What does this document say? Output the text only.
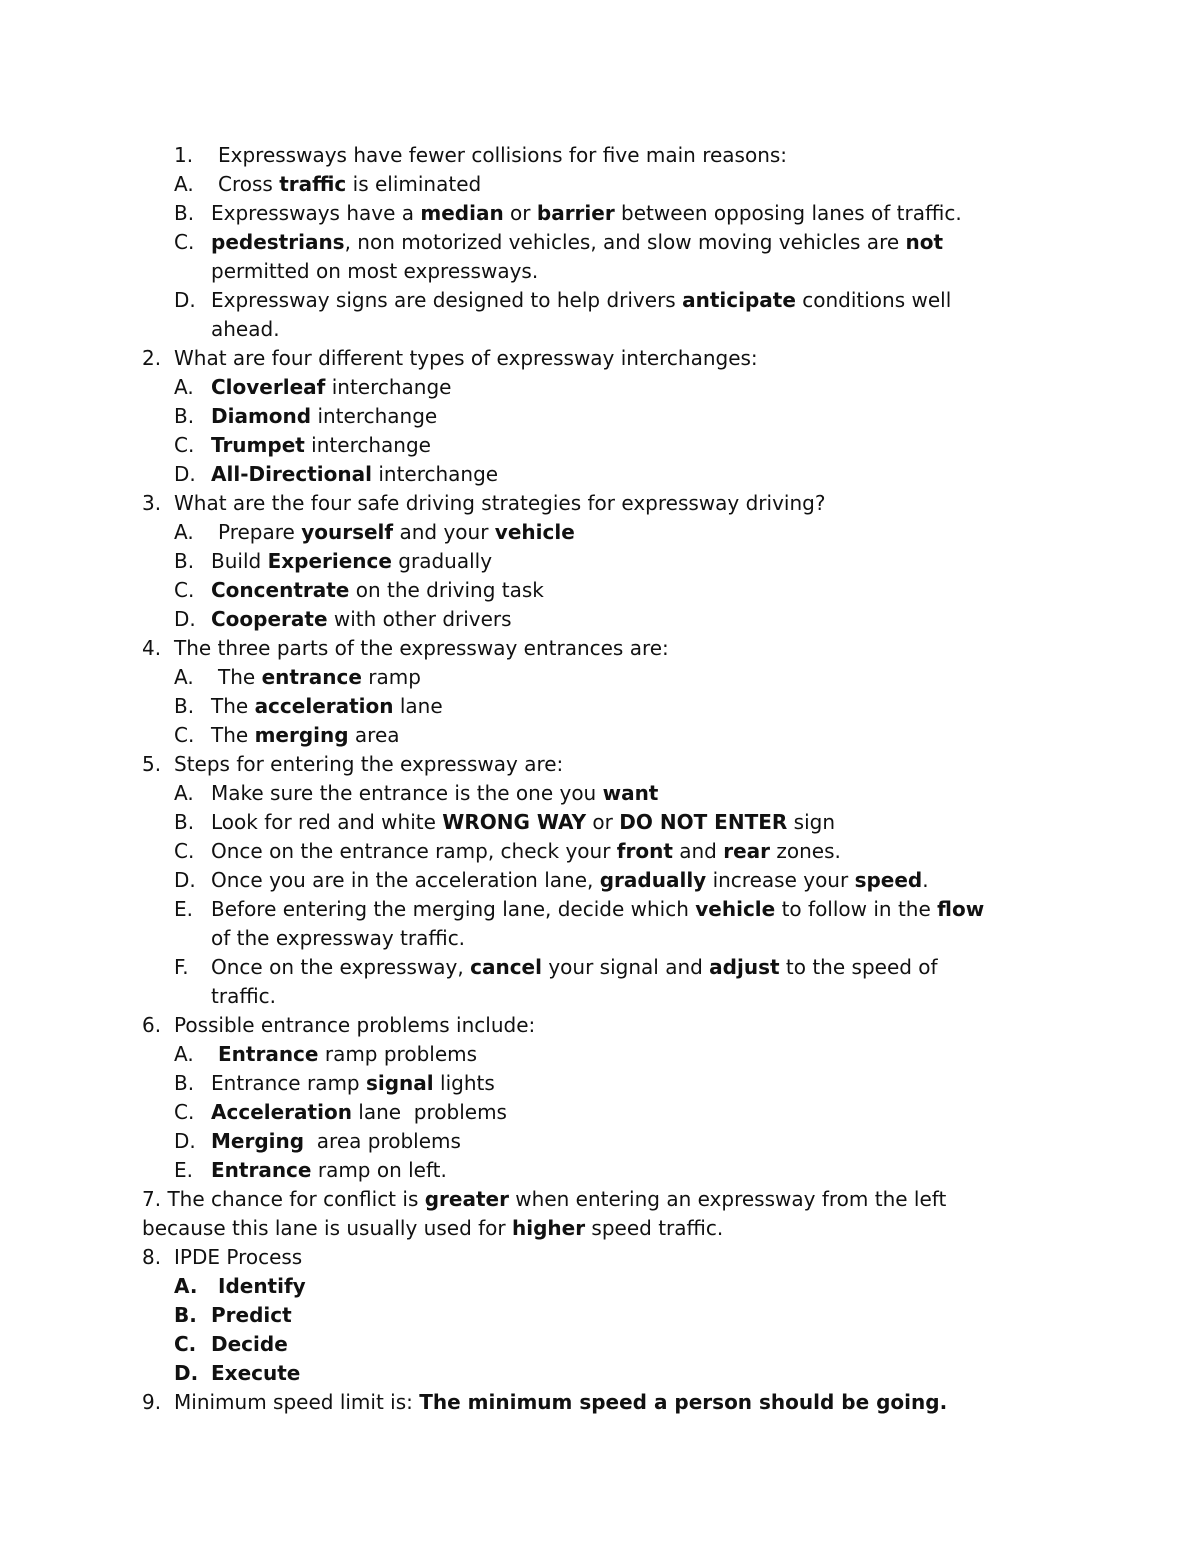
1. Expressways have fewer collisions for five main reasons:
A. Cross traffic is eliminated
B. Expressways have a median or barrier between opposing lanes of traffic.
C. pedestrians, non motorized vehicles, and slow moving vehicles are not
permitted on most expressways.
D. Expressway signs are designed to help drivers anticipate conditions well
ahead.
2. What are four different types of expressway interchanges:
A. Cloverleaf interchange
B. Diamond interchange
C. Trumpet interchange
D. All-Directional interchange
3. What are the four safe driving strategies for expressway driving?
A. Prepare yourself and your vehicle
B. Build Experience gradually
C. Concentrate on the driving task
D. Cooperate with other drivers
4. The three parts of the expressway entrances are:
A. The entrance ramp
B. The acceleration lane
C. The merging area
5. Steps for entering the expressway are:
A. Make sure the entrance is the one you want
B. Look for red and white WRONG WAY or DO NOT ENTER sign
C. Once on the entrance ramp, check your front and rear zones.
D. Once you are in the acceleration lane, gradually increase your speed.
E. Before entering the merging lane, decide which vehicle to follow in the flow
of the expressway traffic.
F. Once on the expressway, cancel your signal and adjust to the speed of
traffic.
6. Possible entrance problems include:
A. Entrance ramp problems
B. Entrance ramp signal lights
C. Acceleration lane  problems
D. Merging  area problems
E. Entrance ramp on left.
7. The chance for conflict is greater when entering an expressway from the left
because this lane is usually used for higher speed traffic.
8. IPDE Process
A. Identify
B. Predict
C. Decide
D. Execute
9. Minimum speed limit is: The minimum speed a person should be going.
